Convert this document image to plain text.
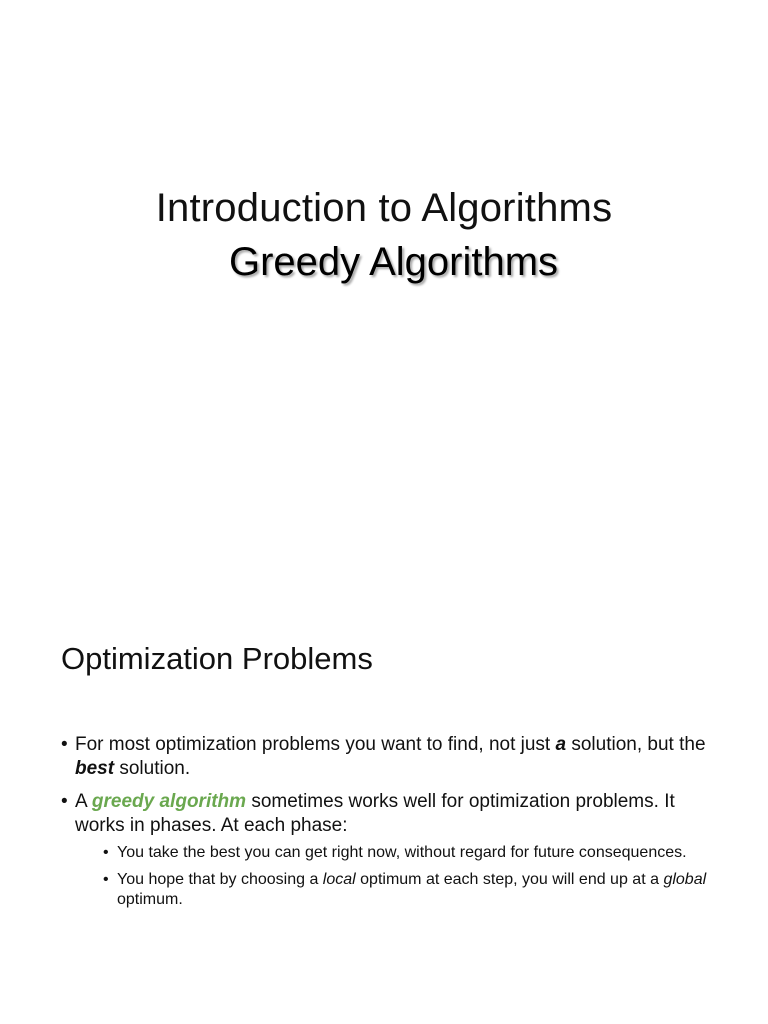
Introduction to Algorithms
Greedy Algorithms
Optimization Problems
• For most optimization problems you want to find, not just a solution, but the best solution.
• A greedy algorithm sometimes works well for optimization problems. It works in phases. At each phase:
• You take the best you can get right now, without regard for future consequences.
• You hope that by choosing a local optimum at each step, you will end up at a global optimum.
